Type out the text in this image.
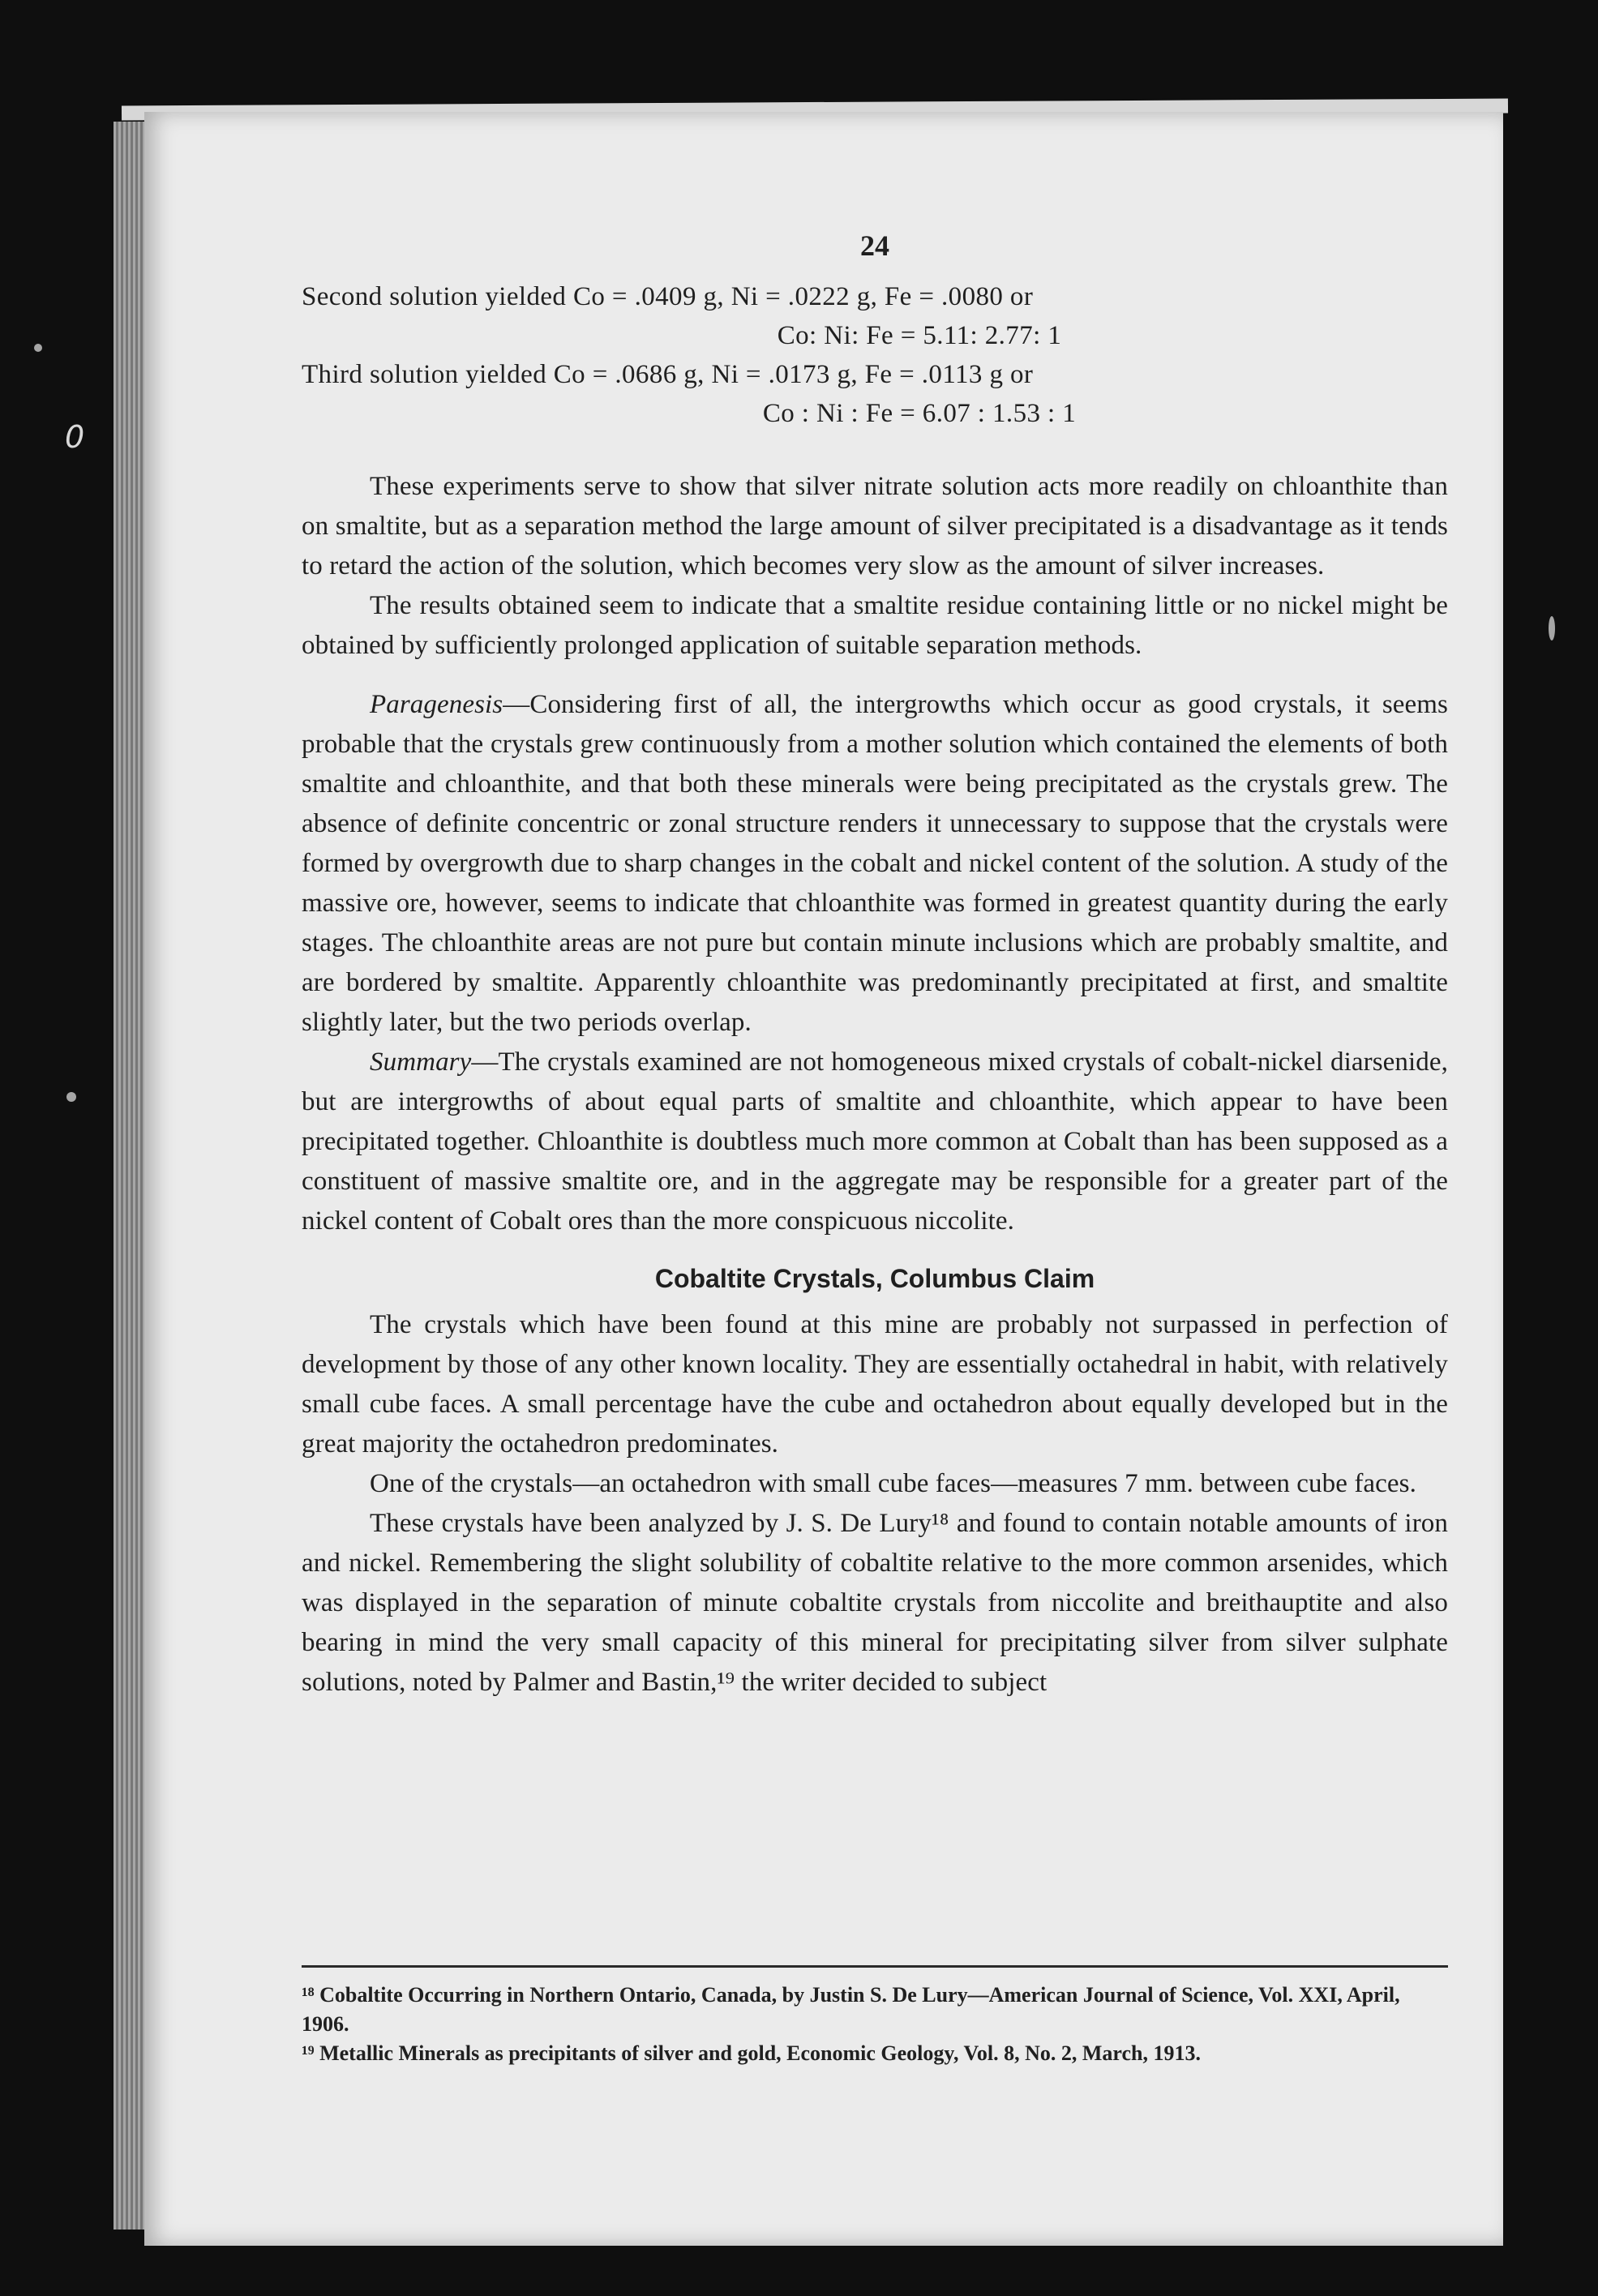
0
24
Second solution yielded Co = .0409 g, Ni = .0222 g, Fe = .0080 or
Co: Ni: Fe = 5.11: 2.77: 1
Third solution yielded Co = .0686 g, Ni = .0173 g, Fe = .0113 g or
Co : Ni : Fe = 6.07 : 1.53 : 1

These experiments serve to show that silver nitrate solution acts more readily on chloanthite than on smaltite, but as a separation method the large amount of silver precipitated is a disadvantage as it tends to retard the action of the solution, which becomes very slow as the amount of silver increases.

The results obtained seem to indicate that a smaltite residue containing little or no nickel might be obtained by sufficiently prolonged application of suitable separation methods.

Paragenesis—Considering first of all, the intergrowths which occur as good crystals, it seems probable that the crystals grew continuously from a mother solution which contained the elements of both smaltite and chloanthite, and that both these minerals were being precipitated as the crystals grew. The absence of definite concentric or zonal structure renders it unnecessary to suppose that the crystals were formed by overgrowth due to sharp changes in the cobalt and nickel content of the solution. A study of the massive ore, however, seems to indicate that chloanthite was formed in greatest quantity during the early stages. The chloanthite areas are not pure but contain minute inclusions which are probably smaltite, and are bordered by smaltite. Apparently chloanthite was predominantly precipitated at first, and smaltite slightly later, but the two periods overlap.

Summary—The crystals examined are not homogeneous mixed crystals of cobalt-nickel diarsenide, but are intergrowths of about equal parts of smaltite and chloanthite, which appear to have been precipitated together. Chloanthite is doubtless much more common at Cobalt than has been supposed as a constituent of massive smaltite ore, and in the aggregate may be responsible for a greater part of the nickel content of Cobalt ores than the more conspicuous niccolite.

Cobaltite Crystals, Columbus Claim

The crystals which have been found at this mine are probably not surpassed in perfection of development by those of any other known locality. They are essentially octahedral in habit, with relatively small cube faces. A small percentage have the cube and octahedron about equally developed but in the great majority the octahedron predominates.

One of the crystals—an octahedron with small cube faces—measures 7 mm. between cube faces.

These crystals have been analyzed by J. S. De Lury¹⁸ and found to contain notable amounts of iron and nickel. Remembering the slight solubility of cobaltite relative to the more common arsenides, which was displayed in the separation of minute cobaltite crystals from niccolite and breithauptite and also bearing in mind the very small capacity of this mineral for precipitating silver from silver sulphate solutions, noted by Palmer and Bastin,¹⁹ the writer decided to subject

¹⁸ Cobaltite Occurring in Northern Ontario, Canada, by Justin S. De Lury—American Journal of Science, Vol. XXI, April, 1906.

¹⁹ Metallic Minerals as precipitants of silver and gold, Economic Geology, Vol. 8, No. 2, March, 1913.
